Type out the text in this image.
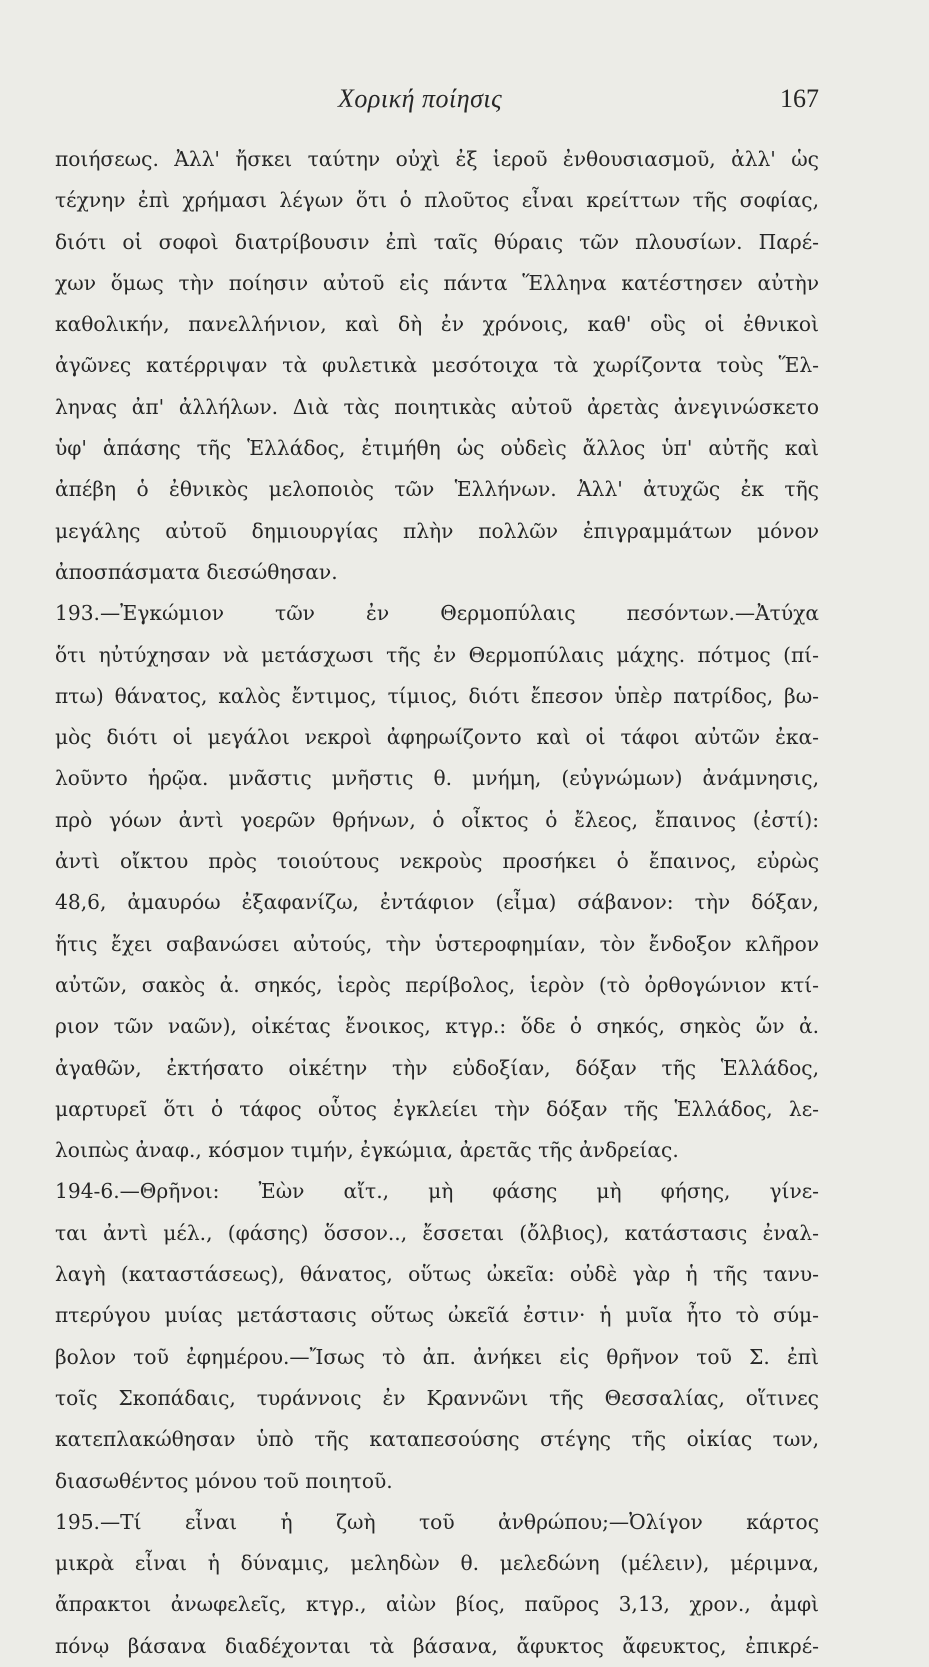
Χορική ποίησις	167
ποιήσεως. Ἀλλ' ἤσκει ταύτην οὐχὶ ἐξ ἱεροῦ ἐνθουσιασμοῦ, ἀλλ' ὡς
τέχνην ἐπὶ χρήμασι λέγων ὅτι ὁ πλοῦτος εἶναι κρείττων τῆς σοφίας,
διότι οἱ σοφοὶ διατρίβουσιν ἐπὶ ταῖς θύραις τῶν πλουσίων. Παρέ-
χων ὅμως τὴν ποίησιν αὐτοῦ εἰς πάντα Ἕλληνα κατέστησεν αὐτὴν
καθολικήν, πανελλήνιον, καὶ δὴ ἐν χρόνοις, καθ' οὓς οἱ ἐθνικοὶ
ἀγῶνες κατέρριψαν τὰ φυλετικὰ μεσότοιχα τὰ χωρίζοντα τοὺς Ἕλ-
ληνας ἀπ' ἀλλήλων. Διὰ τὰς ποιητικὰς αὐτοῦ ἀρετὰς ἀνεγινώσκετο
ὑφ' ἁπάσης τῆς Ἑλλάδος, ἐτιμήθη ὡς οὐδεὶς ἄλλος ὑπ' αὐτῆς καὶ
ἀπέβη ὁ ἐθνικὸς μελοποιὸς τῶν Ἑλλήνων. Ἀλλ' ἀτυχῶς ἐκ τῆς
μεγάλης αὐτοῦ δημιουργίας πλὴν πολλῶν ἐπιγραμμάτων μόνον
ἀποσπάσματα διεσώθησαν.
193.—Ἐγκώμιον τῶν ἐν Θερμοπύλαις πεσόντων.—Ἀτύχα
ὅτι ηὐτύχησαν νὰ μετάσχωσι τῆς ἐν Θερμοπύλαις μάχης. πότμος (πί-
πτω) θάνατος, καλὸς ἔντιμος, τίμιος, διότι ἔπεσον ὑπὲρ πατρίδος, βω-
μὸς διότι οἱ μεγάλοι νεκροὶ ἀφηρωίζοντο καὶ οἱ τάφοι αὐτῶν ἐκα-
λοῦντο ἡρῷα. μνᾶστις μνῆστις θ. μνήμη, (εὐγνώμων) ἀνάμνησις,
πρὸ γόων ἀντὶ γοερῶν θρήνων, ὁ οἶκτος ὁ ἔλεος, ἔπαινος (ἐστί):
ἀντὶ οἴκτου πρὸς τοιούτους νεκροὺς προσήκει ὁ ἔπαινος, εὐρὼς
48,6, ἀμαυρόω ἐξαφανίζω, ἐντάφιον (εἶμα) σάβανον: τὴν δόξαν,
ἥτις ἔχει σαβανώσει αὐτούς, τὴν ὑστεροφημίαν, τὸν ἔνδοξον κλῆρον
αὐτῶν, σακὸς ἀ. σηκός, ἱερὸς περίβολος, ἱερὸν (τὸ ὀρθογώνιον κτί-
ριον τῶν ναῶν), οἰκέτας ἔνοικος, κτγρ.: ὅδε ὁ σηκός, σηκὸς ὤν ἀ.
ἀγαθῶν, ἐκτήσατο οἰκέτην τὴν εὐδοξίαν, δόξαν τῆς Ἑλλάδος,
μαρτυρεῖ ὅτι ὁ τάφος οὗτος ἐγκλείει τὴν δόξαν τῆς Ἑλλάδος, λε-
λοιπὼς ἀναφ., κόσμον τιμήν, ἐγκώμια, ἀρετᾶς τῆς ἀνδρείας.
194-6.—Θρῆνοι: Ἐὼν αἴτ., μὴ φάσης μὴ φήσης, γίνε-
ται ἀντὶ μέλ., (φάσης) ὅσσον.., ἔσσεται (ὄλβιος), κατάστασις ἐναλ-
λαγὴ (καταστάσεως), θάνατος, οὕτως ὠκεῖα: οὐδὲ γὰρ ἡ τῆς τανυ-
πτερύγου μυίας μετάστασις οὕτως ὠκεῖά ἐστιν· ἡ μυῖα ἦτο τὸ σύμ-
βολον τοῦ ἐφημέρου.—Ἴσως τὸ ἀπ. ἀνήκει εἰς θρῆνον τοῦ Σ. ἐπὶ
τοῖς Σκοπάδαις, τυράννοις ἐν Κραννῶνι τῆς Θεσσαλίας, οἵτινες
κατεπλακώθησαν ὑπὸ τῆς καταπεσούσης στέγης τῆς οἰκίας των,
διασωθέντος μόνου τοῦ ποιητοῦ.
195.—Τί εἶναι ἡ ζωὴ τοῦ ἀνθρώπου;—Ὀλίγον κάρτος
μικρὰ εἶναι ἡ δύναμις, μεληδὼν θ. μελεδώνη (μέλειν), μέριμνα,
ἄπρακτοι ἀνωφελεῖς, κτγρ., αἰὼν βίος, παῦρος 3,13, χρον., ἀμφὶ
πόνῳ βάσανα διαδέχονται τὰ βάσανα, ἄφυκτος ἄφευκτος, ἐπικρέ-
